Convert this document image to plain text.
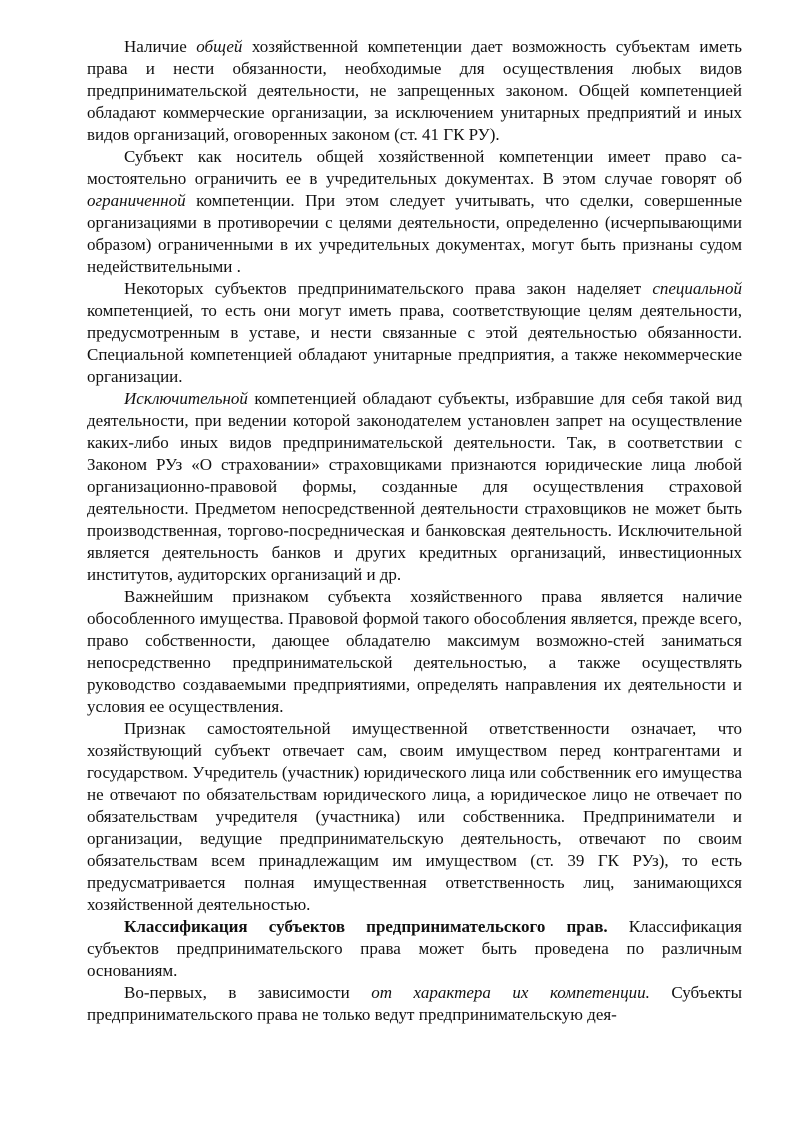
Наличие общей хозяйственной компетенции дает возможность субъектам иметь права и нести обязанности, необходимые для осуществления любых видов предпринимательской деятельности, не запрещенных законом. Общей компетенцией обладают коммерческие организации, за исключением унитарных предприятий и иных видов организаций, оговоренных законом (ст. 41 ГК РУ).

Субъект как носитель общей хозяйственной компетенции имеет право са-мостоятельно ограничить ее в учредительных документах. В этом случае говорят об ограниченной компетенции. При этом следует учитывать, что сделки, совершенные организациями в противоречии с целями деятельности, определенно (исчерпывающими образом) ограниченными в их учредительных документах, могут быть признаны судом недействительными .

Некоторых субъектов предпринимательского права закон наделяет специальной компетенцией, то есть они могут иметь права, соответствующие целям деятельности, предусмотренным в уставе, и нести связанные с этой деятельностью обязанности. Специальной компетенцией обладают унитарные предприятия, а также некоммерческие организации.

Исключительной компетенцией обладают субъекты, избравшие для себя такой вид деятельности, при ведении которой законодателем установлен запрет на осуществление каких-либо иных видов предпринимательской деятельности. Так, в соответствии с Законом РУз «О страховании» страховщиками признаются юридические лица любой организационно-правовой формы, созданные для осуществления страховой деятельности. Предметом непосредственной деятельности страховщиков не может быть производственная, торгово-посредническая и банковская деятельность. Исключительной является деятельность банков и других кредитных организаций, инвестиционных институтов, аудиторских организаций и др.

Важнейшим признаком субъекта хозяйственного права является наличие обособленного имущества. Правовой формой такого обособления является, прежде всего, право собственности, дающее обладателю максимум возможно-стей заниматься непосредственно предпринимательской деятельностью, а также осуществлять руководство создаваемыми предприятиями, определять направления их деятельности и условия ее осуществления.

Признак самостоятельной имущественной ответственности означает, что хозяйствующий субъект отвечает сам, своим имуществом перед контрагентами и государством. Учредитель (участник) юридического лица или собственник его имущества не отвечают по обязательствам юридического лица, а юридическое лицо не отвечает по обязательствам учредителя (участника) или собственника. Предприниматели и организации, ведущие предпринимательскую деятельность, отвечают по своим обязательствам всем принадлежащим им имуществом (ст. 39 ГК РУз), то есть предусматривается полная имущественная ответственность лиц, занимающихся хозяйственной деятельностью.

Классификация субъектов предпринимательского прав. Классификация субъектов предпринимательского права может быть проведена по различным основаниям.

Во-первых, в зависимости от характера их компетенции. Субъекты предпринимательского права не только ведут предпринимательскую дея-
